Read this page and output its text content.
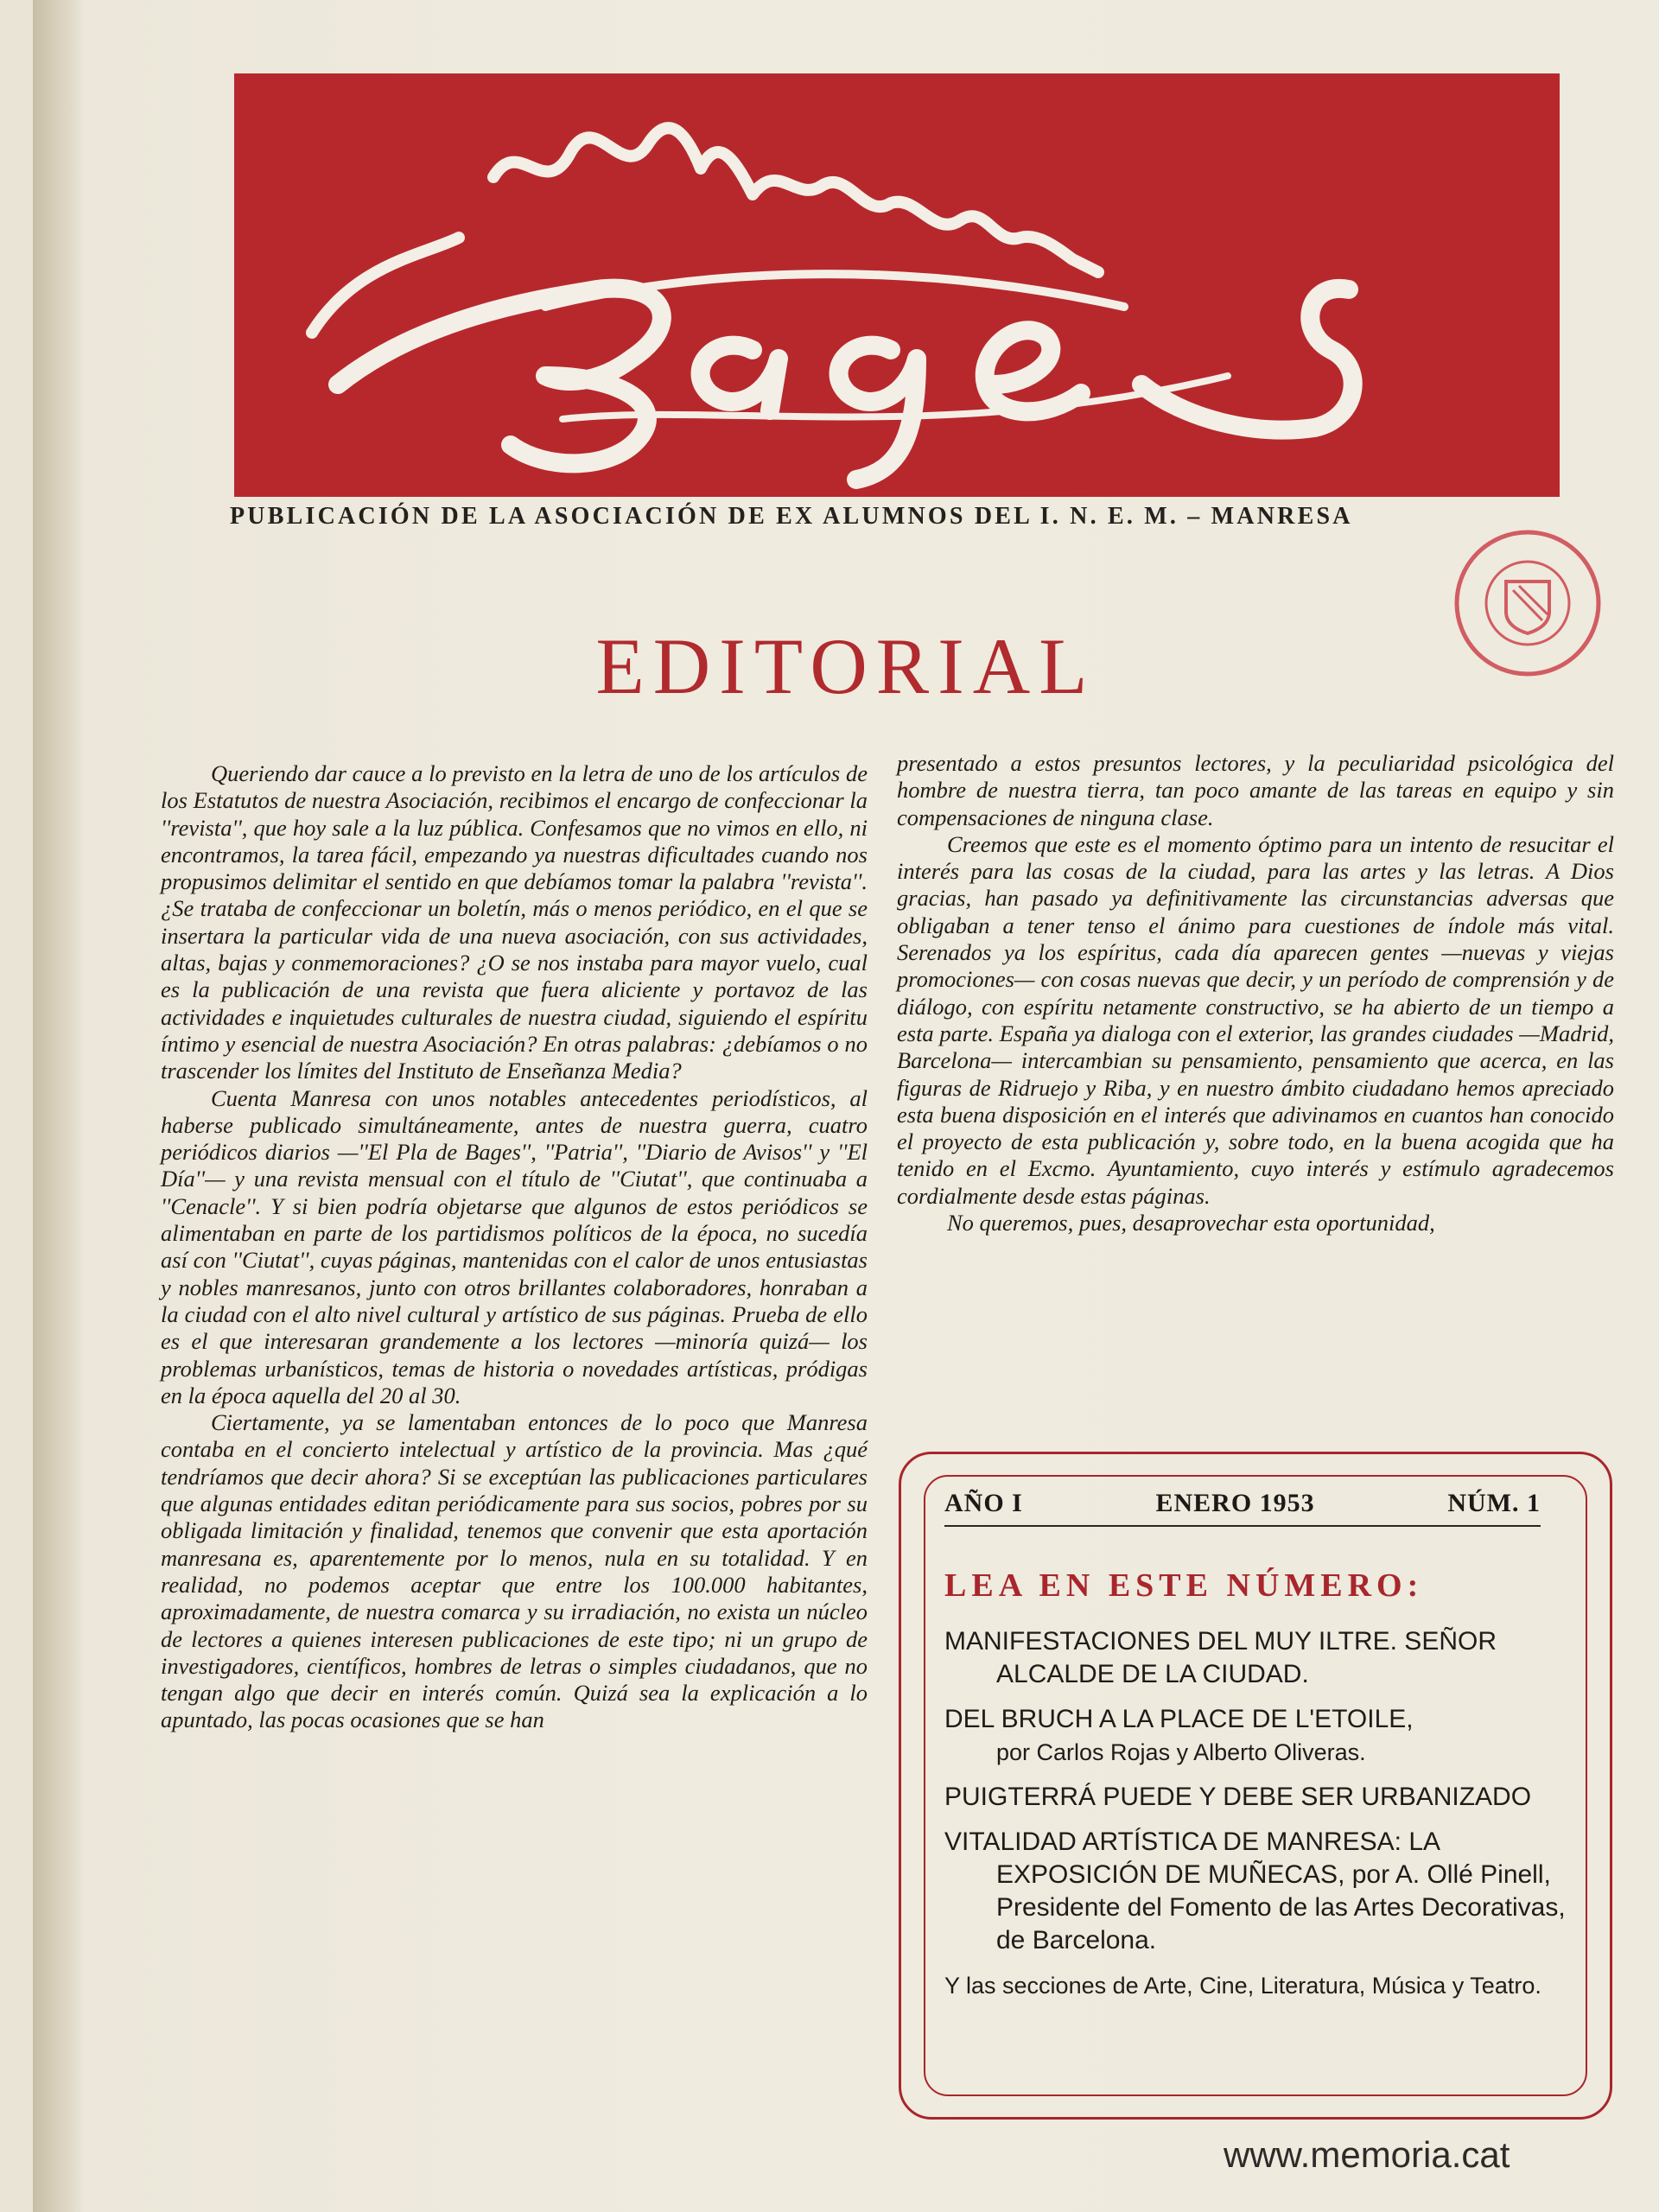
PUBLICACIÓN DE LA ASOCIACIÓN DE EX ALUMNOS DEL I. N. E. M. – MANRESA
EDITORIAL

Queriendo dar cauce a lo previsto en la letra de uno de los artículos de los Estatutos de nuestra Asociación, recibimos el encargo de confeccionar la ''revista'', que hoy sale a la luz pública. Confesamos que no vimos en ello, ni encontramos, la tarea fácil, empezando ya nuestras dificultades cuando nos propusimos delimitar el sentido en que debíamos tomar la palabra ''revista''. ¿Se trataba de confeccionar un boletín, más o menos periódico, en el que se insertara la particular vida de una nueva asociación, con sus actividades, altas, bajas y conmemoraciones? ¿O se nos instaba para mayor vuelo, cual es la publicación de una revista que fuera aliciente y portavoz de las actividades e inquietudes culturales de nuestra ciudad, siguiendo el espíritu íntimo y esencial de nuestra Asociación? En otras palabras: ¿debíamos o no trascender los límites del Instituto de Enseñanza Media?

Cuenta Manresa con unos notables antecedentes periodísticos, al haberse publicado simultáneamente, antes de nuestra guerra, cuatro periódicos diarios —''El Pla de Bages'', ''Patria'', ''Diario de Avisos'' y ''El Día''— y una revista mensual con el título de ''Ciutat'', que continuaba a ''Cenacle''. Y si bien podría objetarse que algunos de estos periódicos se alimentaban en parte de los partidismos políticos de la época, no sucedía así con ''Ciutat'', cuyas páginas, mantenidas con el calor de unos entusiastas y nobles manresanos, junto con otros brillantes colaboradores, honraban a la ciudad con el alto nivel cultural y artístico de sus páginas. Prueba de ello es el que interesaran grandemente a los lectores —minoría quizá— los problemas urbanísticos, temas de historia o novedades artísticas, pródigas en la época aquella del 20 al 30.

Ciertamente, ya se lamentaban entonces de lo poco que Manresa contaba en el concierto intelectual y artístico de la provincia. Mas ¿qué tendríamos que decir ahora? Si se exceptúan las publicaciones particulares que algunas entidades editan periódicamente para sus socios, pobres por su obligada limitación y finalidad, tenemos que convenir que esta aportación manresana es, aparentemente por lo menos, nula en su totalidad. Y en realidad, no podemos aceptar que entre los 100.000 habitantes, aproximadamente, de nuestra comarca y su irradiación, no exista un núcleo de lectores a quienes interesen publicaciones de este tipo; ni un grupo de investigadores, científicos, hombres de letras o simples ciudadanos, que no tengan algo que decir en interés común. Quizá sea la explicación a lo apuntado, las pocas ocasiones que se han

presentado a estos presuntos lectores, y la peculiaridad psicológica del hombre de nuestra tierra, tan poco amante de las tareas en equipo y sin compensaciones de ninguna clase.

Creemos que este es el momento óptimo para un intento de resucitar el interés para las cosas de la ciudad, para las artes y las letras. A Dios gracias, han pasado ya definitivamente las circunstancias adversas que obligaban a tener tenso el ánimo para cuestiones de índole más vital. Serenados ya los espíritus, cada día aparecen gentes —nuevas y viejas promociones— con cosas nuevas que decir, y un período de comprensión y de diálogo, con espíritu netamente constructivo, se ha abierto de un tiempo a esta parte. España ya dialoga con el exterior, las grandes ciudades —Madrid, Barcelona— intercambian su pensamiento, pensamiento que acerca, en las figuras de Ridruejo y Riba, y en nuestro ámbito ciudadano hemos apreciado esta buena disposición en el interés que adivinamos en cuantos han conocido el proyecto de esta publicación y, sobre todo, en la buena acogida que ha tenido en el Excmo. Ayuntamiento, cuyo interés y estímulo agradecemos cordialmente desde estas páginas.

No queremos, pues, desaprovechar esta oportunidad,

AÑO I	ENERO 1953	NÚM. 1
LEA EN ESTE NÚMERO:
MANIFESTACIONES DEL MUY ILTRE. SEÑOR ALCALDE DE LA CIUDAD.
DEL BRUCH A LA PLACE DE L'ETOILE,
por Carlos Rojas y Alberto Oliveras.
PUIGTERRÁ PUEDE Y DEBE SER URBANIZADO
VITALIDAD ARTÍSTICA DE MANRESA: LA EXPOSICIÓN DE MUÑECAS, por A. Ollé Pinell, Presidente del Fomento de las Artes Decorativas, de Barcelona.
Y las secciones de Arte, Cine, Literatura, Música y Teatro.
www.memoria.cat
